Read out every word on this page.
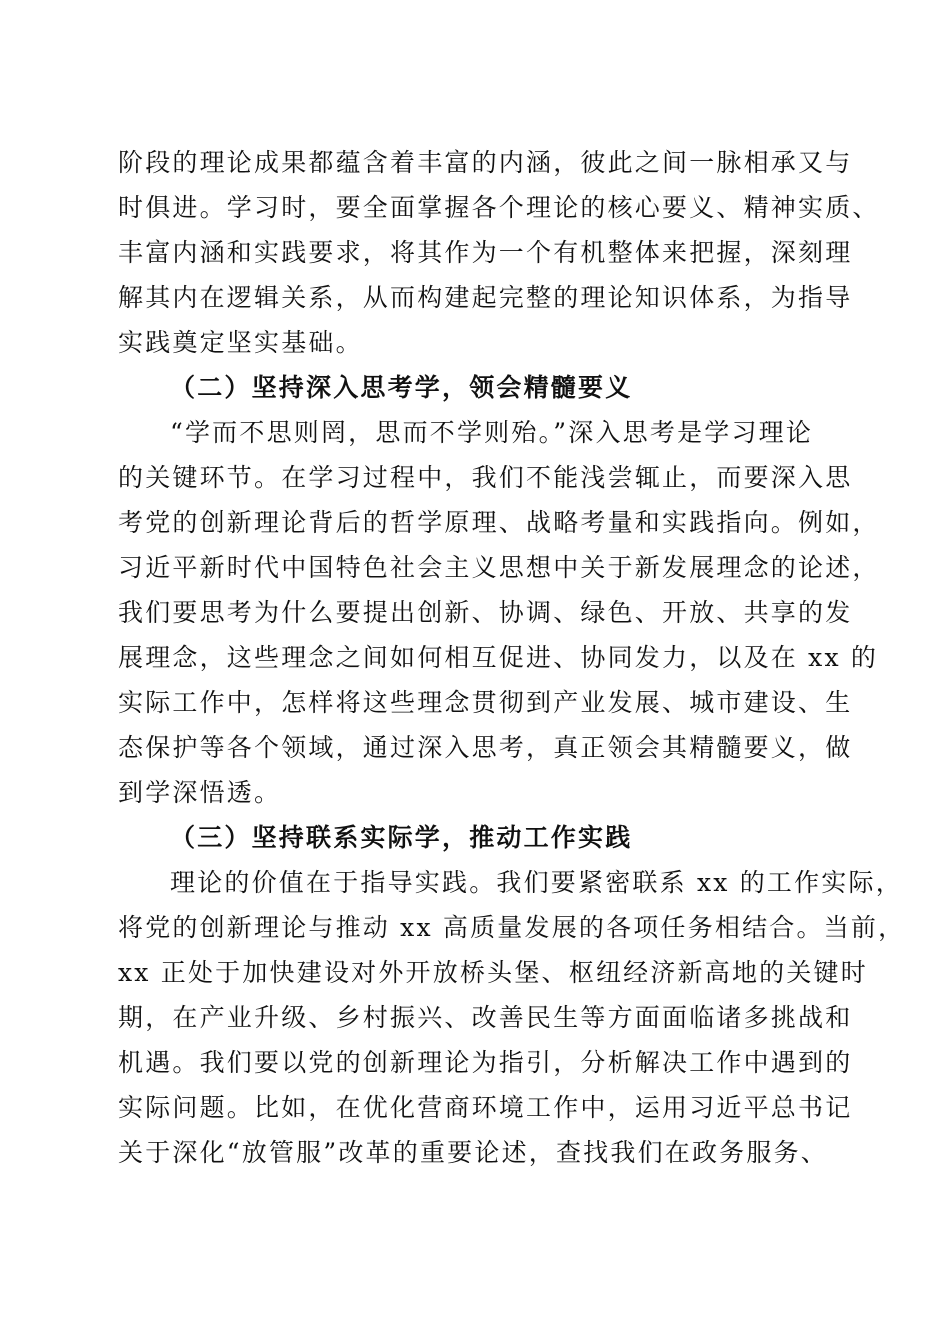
阶段的理论成果都蕴含着丰富的内涵，彼此之间一脉相承又与
时俱进。学习时，要全面掌握各个理论的核心要义、精神实质、
丰富内涵和实践要求，将其作为一个有机整体来把握，深刻理
解其内在逻辑关系，从而构建起完整的理论知识体系，为指导
实践奠定坚实基础。
（二）坚持深入思考学，领会精髓要义
“学而不思则罔，思而不学则殆。”深入思考是学习理论
的关键环节。在学习过程中，我们不能浅尝辄止，而要深入思
考党的创新理论背后的哲学原理、战略考量和实践指向。例如，
习近平新时代中国特色社会主义思想中关于新发展理念的论述，
我们要思考为什么要提出创新、协调、绿色、开放、共享的发
展理念，这些理念之间如何相互促进、协同发力，以及在 xx 的
实际工作中，怎样将这些理念贯彻到产业发展、城市建设、生
态保护等各个领域，通过深入思考，真正领会其精髓要义，做
到学深悟透。
（三）坚持联系实际学，推动工作实践
理论的价值在于指导实践。我们要紧密联系 xx 的工作实际，
将党的创新理论与推动 xx 高质量发展的各项任务相结合。当前，
xx 正处于加快建设对外开放桥头堡、枢纽经济新高地的关键时
期，在产业升级、乡村振兴、改善民生等方面面临诸多挑战和
机遇。我们要以党的创新理论为指引，分析解决工作中遇到的
实际问题。比如，在优化营商环境工作中，运用习近平总书记
关于深化“放管服”改革的重要论述，查找我们在政务服务、
